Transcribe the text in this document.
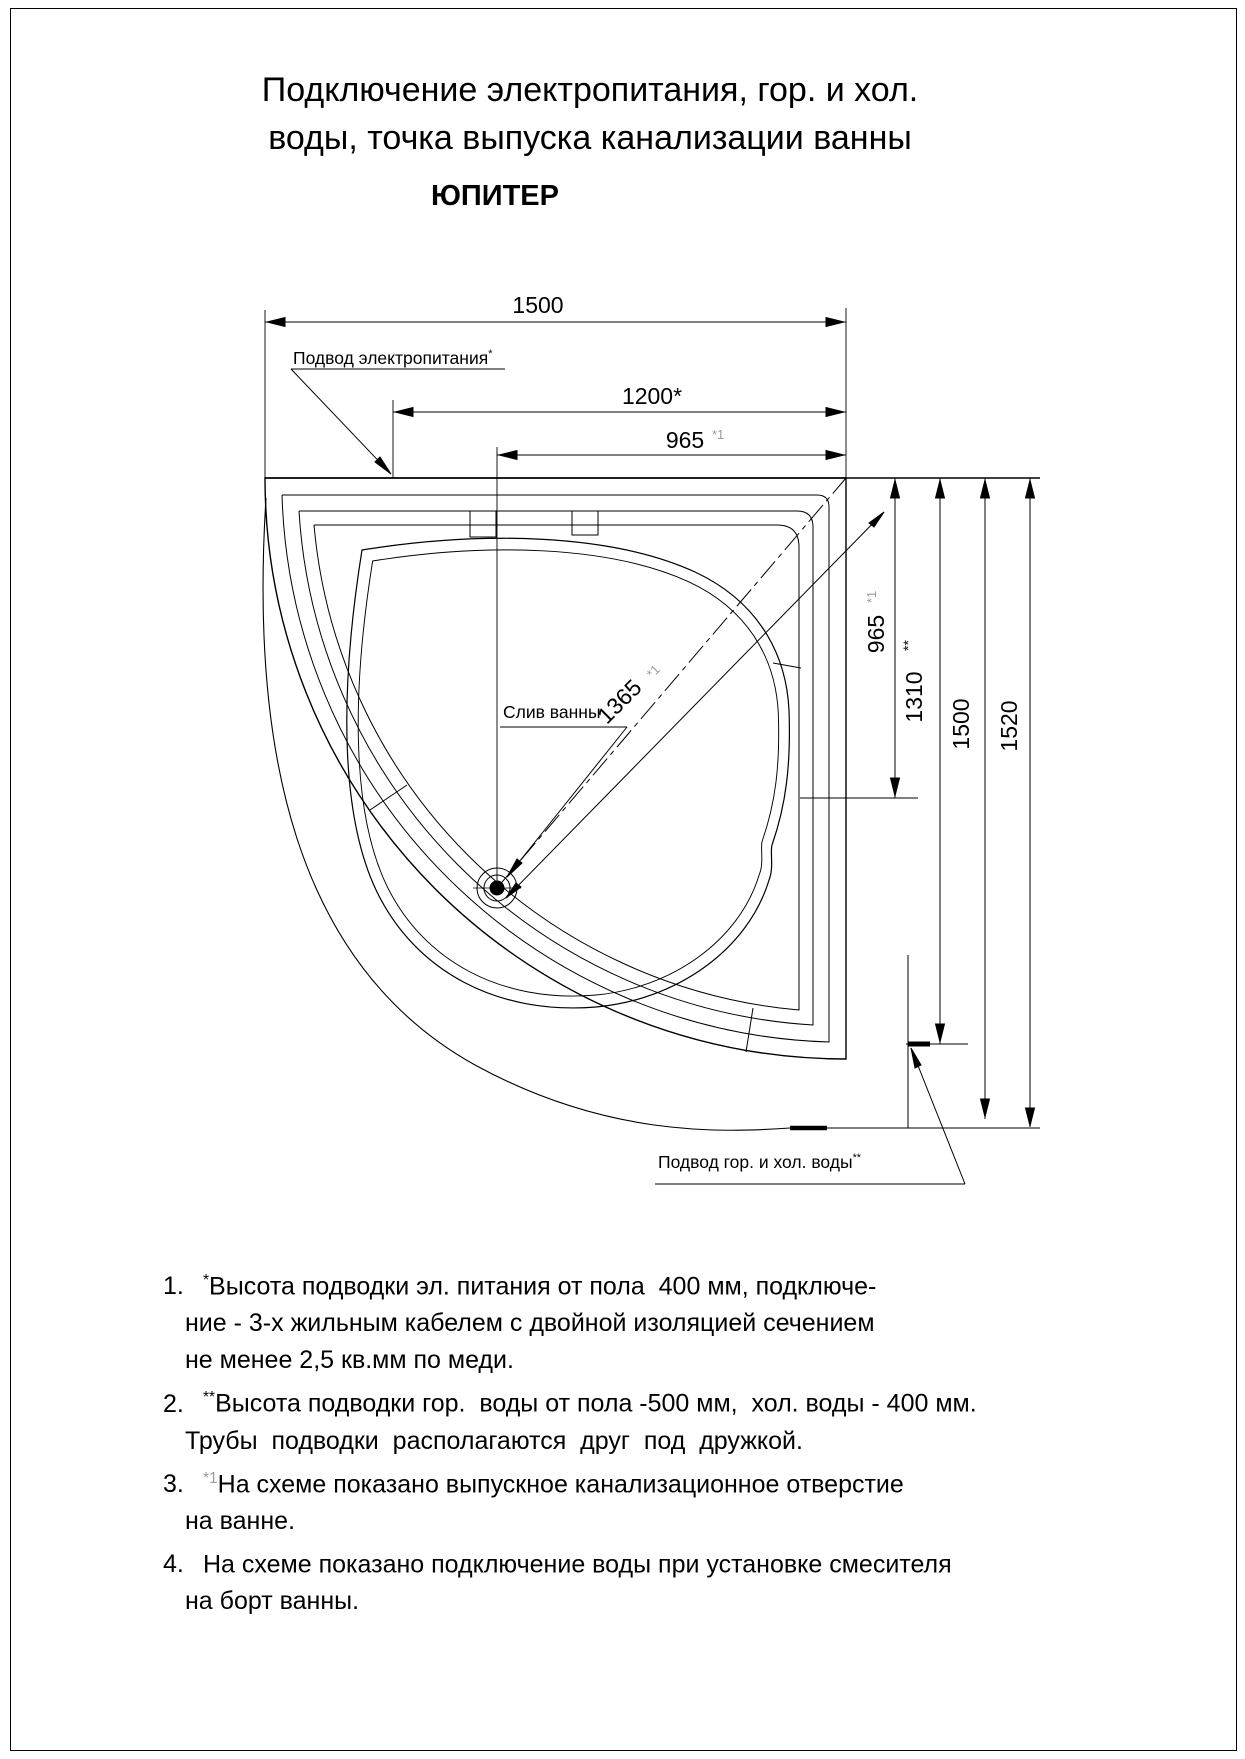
Подключение электропитания, гор. и хол.
воды, точка выпуска канализации ванны
ЮПИТЕР
1500
1200*
965 *1
1365
*1
965
*1
1310
**
1500 1520
Подвод электропитания*
Слив ванны
Подвод гор. и хол. воды**
1. *Высота подводки эл. питания от пола  400 мм, подключе-
ние - 3-х жильным кабелем с двойной изоляцией сечением
не менее 2,5 кв.мм по меди.
2. **Высота подводки гор.  воды от пола -500 мм,  хол. воды - 400 мм.
Трубы  подводки  располагаются  друг  под  дружкой.
3. $^{*1}$На схеме показано выпускное канализационное отверстие
на ванне.
4. На схеме показано подключение воды при установке смесителя
на борт ванны.
